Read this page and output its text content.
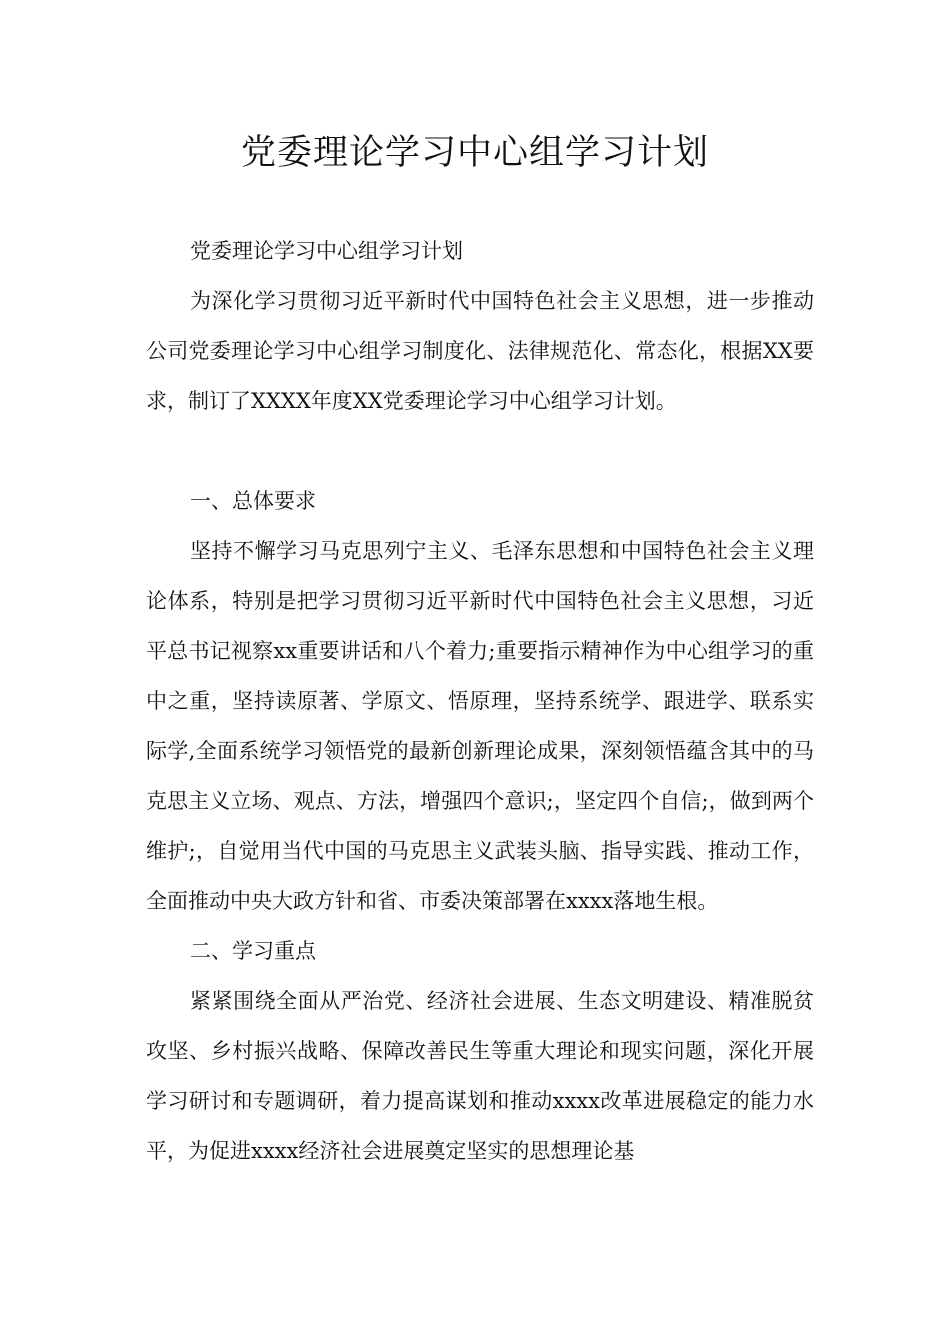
党委理论学习中心组学习计划

党委理论学习中心组学习计划

为深化学习贯彻习近平新时代中国特色社会主义思想，进一步推动公司党委理论学习中心组学习制度化、法律规范化、常态化，根据XX要求，制订了XXXX年度XX党委理论学习中心组学习计划。

一、总体要求

坚持不懈学习马克思列宁主义、毛泽东思想和中国特色社会主义理论体系，特别是把学习贯彻习近平新时代中国特色社会主义思想，习近平总书记视察xx重要讲话和八个着力;重要指示精神作为中心组学习的重中之重，坚持读原著、学原文、悟原理，坚持系统学、跟进学、联系实际学,全面系统学习领悟党的最新创新理论成果，深刻领悟蕴含其中的马克思主义立场、观点、方法，增强四个意识;，坚定四个自信;，做到两个维护;，自觉用当代中国的马克思主义武装头脑、指导实践、推动工作，全面推动中央大政方针和省、市委决策部署在xxxx落地生根。

二、学习重点

紧紧围绕全面从严治党、经济社会进展、生态文明建设、精准脱贫攻坚、乡村振兴战略、保障改善民生等重大理论和现实问题，深化开展学习研讨和专题调研，着力提高谋划和推动xxxx改革进展稳定的能力水平，为促进xxxx经济社会进展奠定坚实的思想理论基
